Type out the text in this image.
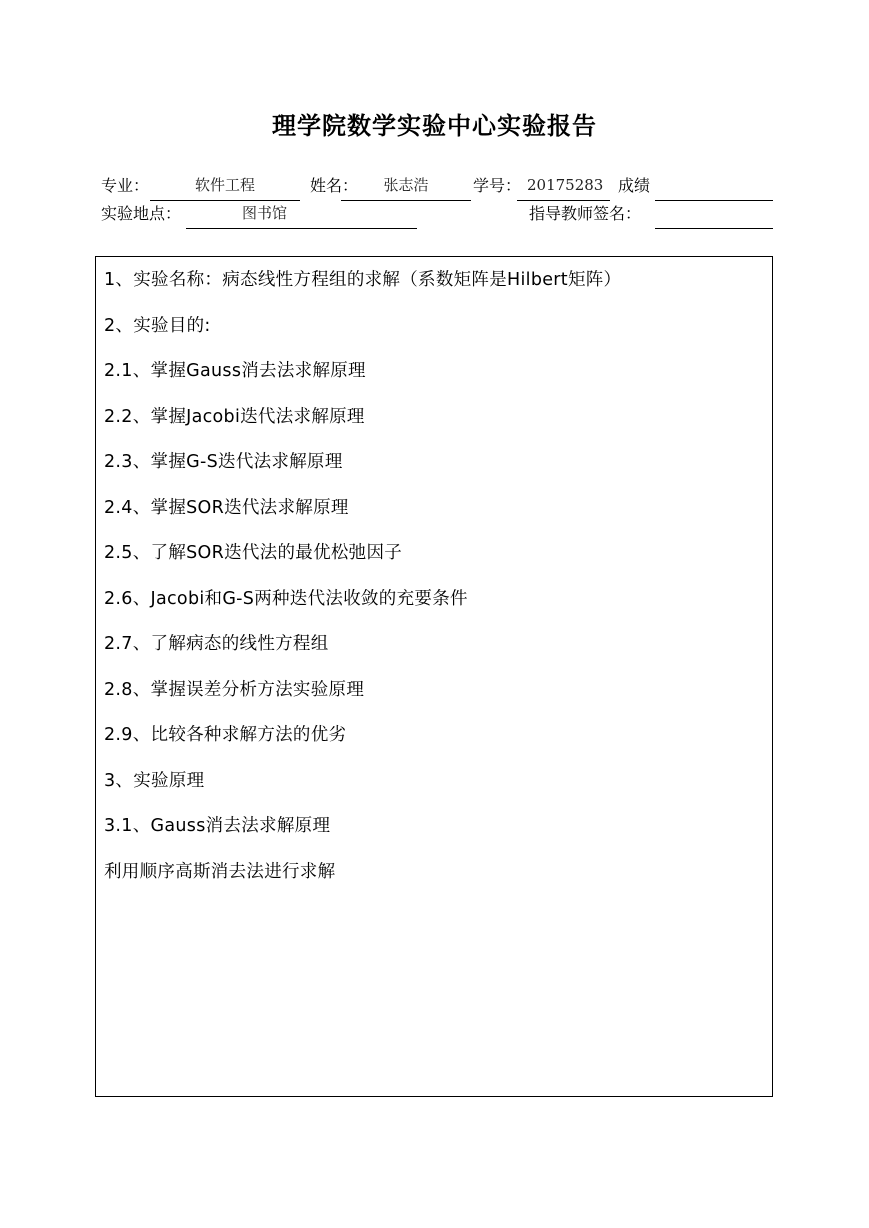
理学院数学实验中心实验报告
专业：	软件工程	姓名：	张志浩	学号： 20175283 成绩
实验地点：	图书馆	指导教师签名：
1、实验名称：病态线性方程组的求解（系数矩阵是Hilbert矩阵）
2、实验目的:
2.1、掌握Gauss消去法求解原理
2.2、掌握Jacobi迭代法求解原理
2.3、掌握G-S迭代法求解原理
2.4、掌握SOR迭代法求解原理
2.5、了解SOR迭代法的最优松弛因子
2.6、Jacobi和G-S两种迭代法收敛的充要条件
2.7、了解病态的线性方程组
2.8、掌握误差分析方法实验原理
2.9、比较各种求解方法的优劣
3、实验原理
3.1、Gauss消去法求解原理
利用顺序高斯消去法进行求解
